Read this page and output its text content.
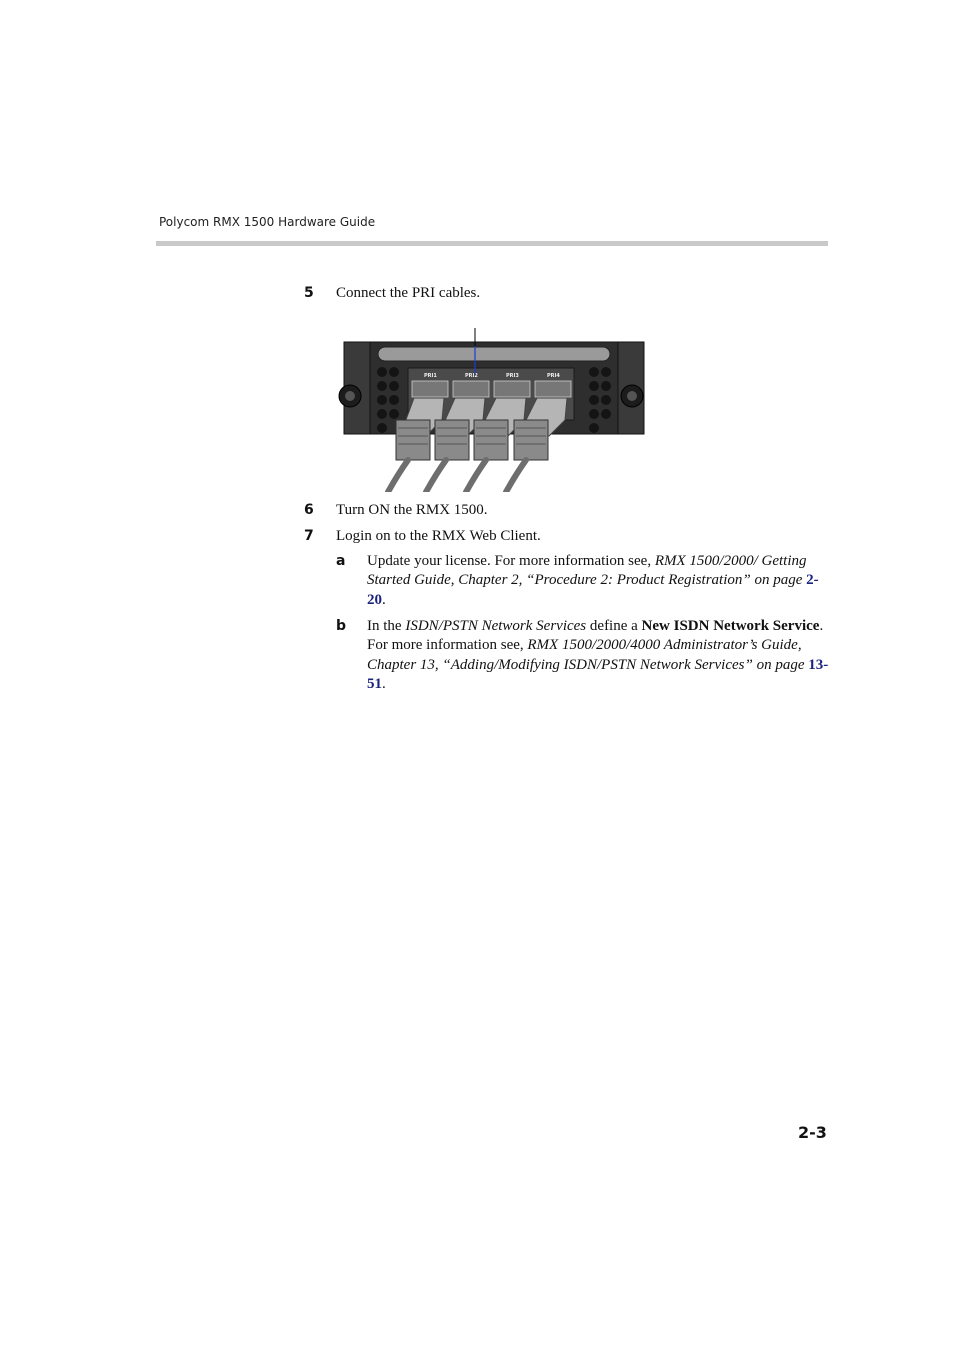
Polycom RMX 1500 Hardware Guide
5	Connect the PRI cables.
PRI1	PRI2	PRI3	PRI4
6	Turn ON the RMX 1500.
7	Login on to the RMX Web Client.
a Update your license. For more information see, RMX 1500/2000/ Getting Started Guide, Chapter 2, “Procedure 2: Product Registration” on page 2-20.
b In the ISDN/PSTN Network Services define a New ISDN Network Service. For more information see, RMX 1500/2000/4000 Administrator’s Guide, Chapter 13, “Adding/Modifying ISDN/PSTN Network Services” on page 13-51.
2-3
